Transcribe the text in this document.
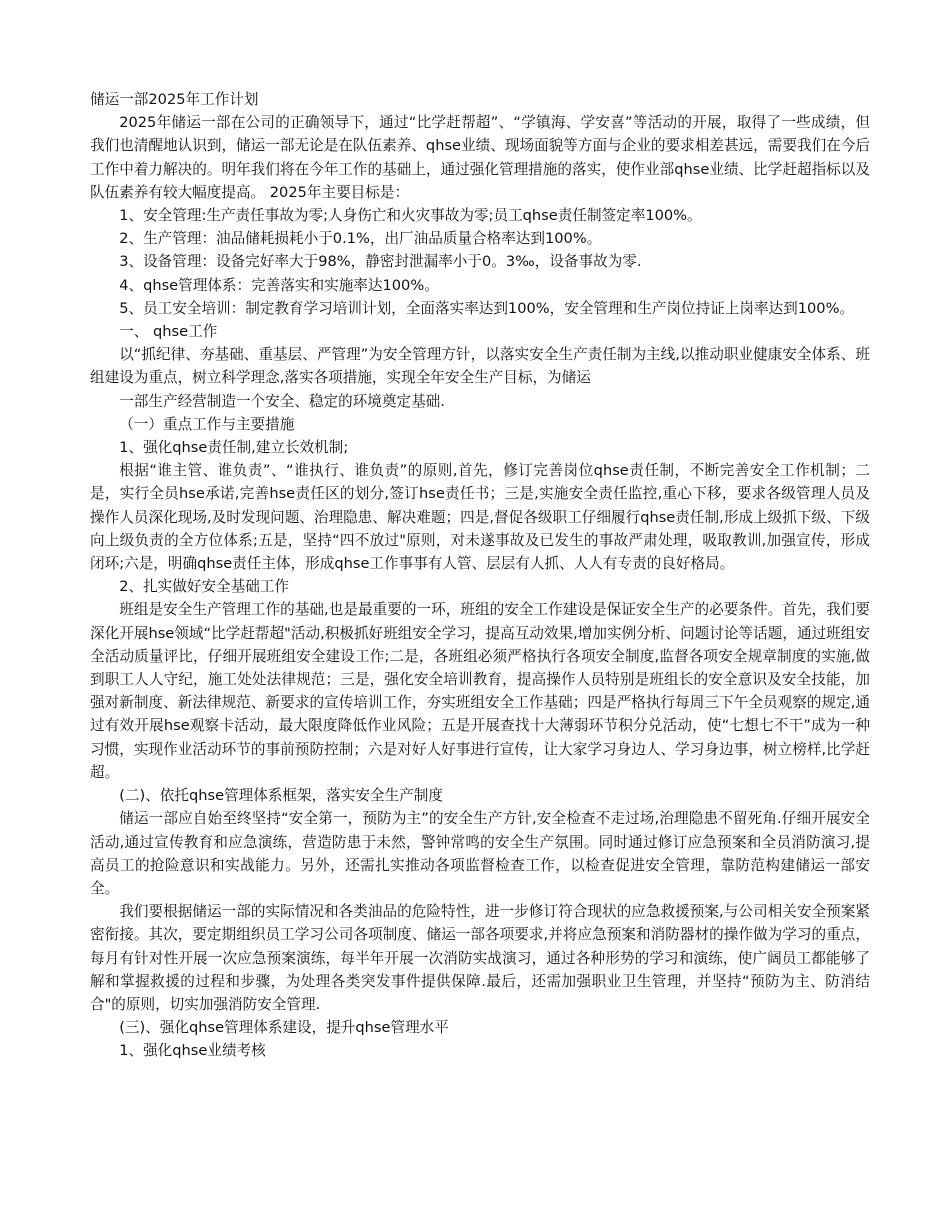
储运一部2025年工作计划

2025年储运一部在公司的正确领导下，通过“比学赶帮超”、“学镇海、学安喜”等活动的开展，取得了一些成绩，但我们也清醒地认识到，储运一部无论是在队伍素养、qhse业绩、现场面貌等方面与企业的要求相差甚远，需要我们在今后工作中着力解决的。明年我们将在今年工作的基础上，通过强化管理措施的落实，使作业部qhse业绩、比学赶超指标以及队伍素养有较大幅度提高。 2025年主要目标是：

1、安全管理:生产责任事故为零;人身伤亡和火灾事故为零;员工qhse责任制签定率100%。

2、生产管理：油品储耗损耗小于0.1%，出厂油品质量合格率达到100%。

3、设备管理：设备完好率大于98%，静密封泄漏率小于0。3‰，设备事故为零.

4、qhse管理体系：完善落实和实施率达100%。

5、员工安全培训：制定教育学习培训计划，全面落实率达到100%，安全管理和生产岗位持证上岗率达到100%。

一、 qhse工作

以“抓纪律、夯基础、重基层、严管理”为安全管理方针，以落实安全生产责任制为主线,以推动职业健康安全体系、班组建设为重点，树立科学理念,落实各项措施，实现全年安全生产目标，为储运

一部生产经营制造一个安全、稳定的环境奠定基础.

（一）重点工作与主要措施

1、强化qhse责任制,建立长效机制;

根据“谁主管、谁负责”、“谁执行、谁负责”的原则,首先，修订完善岗位qhse责任制，不断完善安全工作机制；二是，实行全员hse承诺,完善hse责任区的划分,签订hse责任书；三是,实施安全责任监控,重心下移，要求各级管理人员及操作人员深化现场,及时发现问题、治理隐患、解决难题；四是,督促各级职工仔细履行qhse责任制,形成上级抓下级、下级向上级负责的全方位体系;五是，坚持“四不放过"原则，对未遂事故及已发生的事故严肃处理，吸取教训,加强宣传，形成闭环;六是，明确qhse责任主体，形成qhse工作事事有人管、层层有人抓、人人有专责的良好格局。

2、扎实做好安全基础工作

班组是安全生产管理工作的基础,也是最重要的一环，班组的安全工作建设是保证安全生产的必要条件。首先，我们要深化开展hse领域“比学赶帮超"活动,积极抓好班组安全学习，提高互动效果,增加实例分析、问题讨论等话题，通过班组安全活动质量评比，仔细开展班组安全建设工作;二是，各班组必须严格执行各项安全制度,监督各项安全规章制度的实施,做到职工人人守纪，施工处处法律规范；三是，强化安全培训教育，提高操作人员特别是班组长的安全意识及安全技能，加强对新制度、新法律规范、新要求的宣传培训工作，夯实班组安全工作基础；四是严格执行每周三下午全员观察的规定,通过有效开展hse观察卡活动，最大限度降低作业风险；五是开展查找十大薄弱环节积分兑活动，使“七想七不干”成为一种习惯，实现作业活动环节的事前预防控制；六是对好人好事进行宣传，让大家学习身边人、学习身边事，树立榜样,比学赶超。

(二)、依托qhse管理体系框架，落实安全生产制度

储运一部应自始至终坚持“安全第一，预防为主”的安全生产方针,安全检查不走过场,治理隐患不留死角.仔细开展安全活动,通过宣传教育和应急演练，营造防患于未然，警钟常鸣的安全生产氛围。同时通过修订应急预案和全员消防演习,提高员工的抢险意识和实战能力。另外，还需扎实推动各项监督检查工作，以检查促进安全管理，靠防范构建储运一部安全。

我们要根据储运一部的实际情况和各类油品的危险特性，进一步修订符合现状的应急救援预案,与公司相关安全预案紧密衔接。其次，要定期组织员工学习公司各项制度、储运一部各项要求,并将应急预案和消防器材的操作做为学习的重点，每月有针对性开展一次应急预案演练，每半年开展一次消防实战演习，通过各种形势的学习和演练，使广阔员工都能够了解和掌握救援的过程和步骤，为处理各类突发事件提供保障.最后，还需加强职业卫生管理，并坚持“预防为主、防消结合"的原则，切实加强消防安全管理.

(三)、强化qhse管理体系建设，提升qhse管理水平

1、强化qhse业绩考核
